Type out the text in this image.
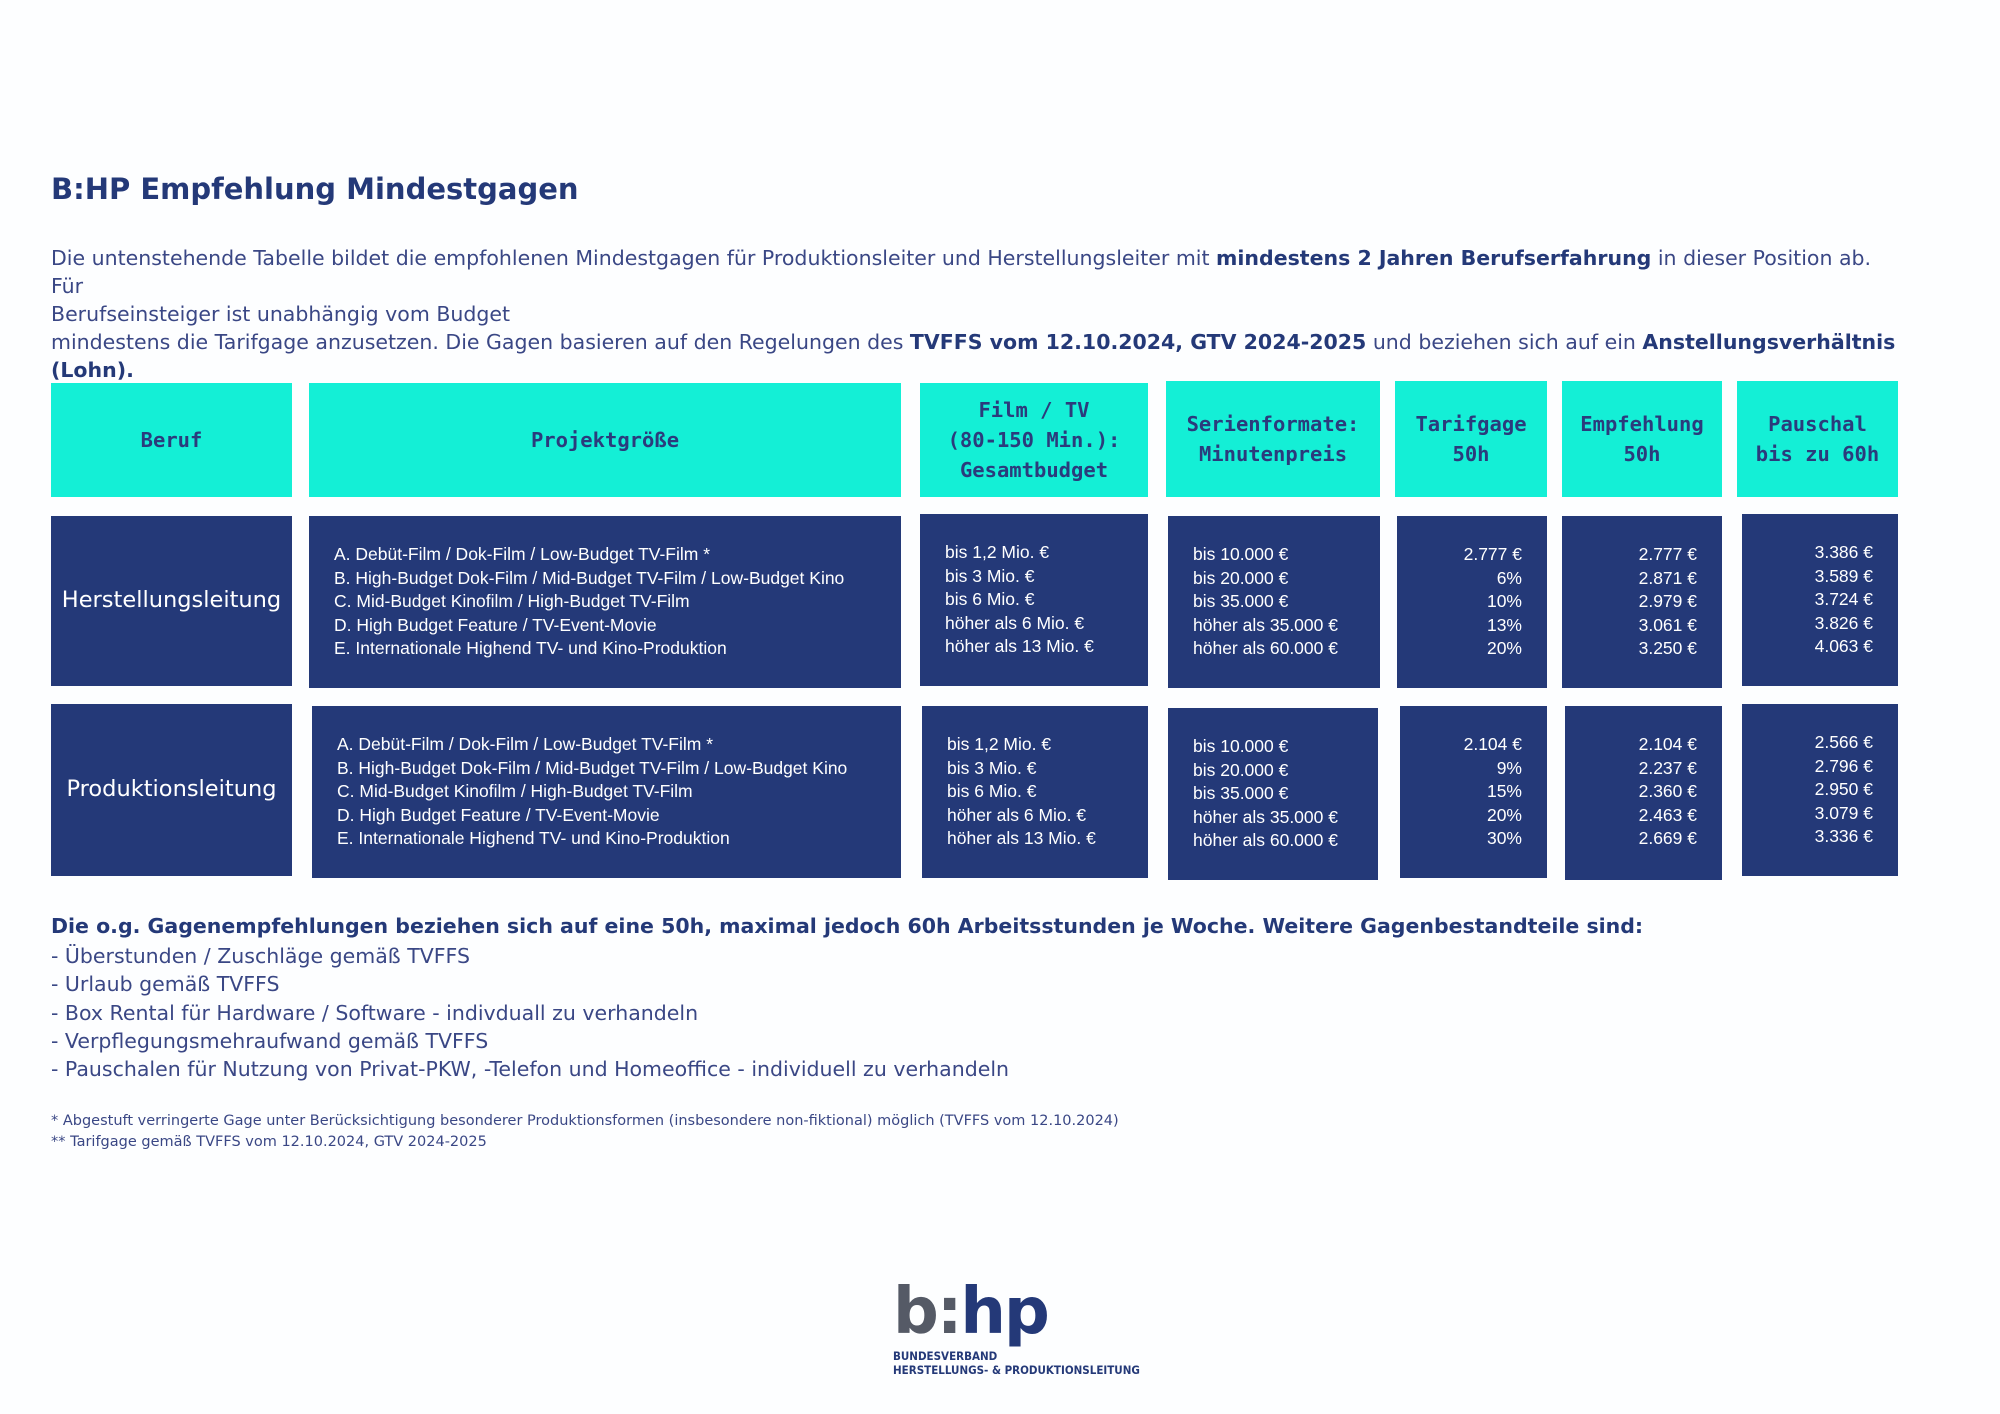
B:HP Empfehlung Mindestgagen
Die untenstehende Tabelle bildet die empfohlenen Mindestgagen für Produktionsleiter und Herstellungsleiter mit mindestens 2 Jahren Berufserfahrung in dieser Position ab. Für
Berufseinsteiger ist unabhängig vom Budget
mindestens die Tarifgage anzusetzen. Die Gagen basieren auf den Regelungen des TVFFS vom 12.10.2024, GTV 2024-2025 und beziehen sich auf ein Anstellungsverhältnis (Lohn).
Beruf	Projektgröße
Film / TV
(80-150 Min.):
Gesamtbudget
Serienformate:
Minutenpreis
Tarifgage
50h
Empfehlung
50h
Pauschal
bis zu 60h
Herstellungsleitung
A. Debüt-Film / Dok-Film / Low-Budget TV-Film *
B. High-Budget Dok-Film / Mid-Budget TV-Film / Low-Budget Kino
C. Mid-Budget Kinofilm / High-Budget TV-Film
D. High Budget Feature / TV-Event-Movie
E. Internationale Highend TV- und Kino-Produktion
bis 1,2 Mio. €
bis 3 Mio. €
bis 6 Mio. €
höher als 6 Mio. €
höher als 13 Mio. €
bis 10.000 €
bis 20.000 €
bis 35.000 €
höher als 35.000 €
höher als 60.000 €
2.777 €
6%
10%
13%
20%
2.777 €
2.871 €
2.979 €
3.061 €
3.250 €
3.386 €
3.589 €
3.724 €
3.826 €
4.063 €
Produktionsleitung
A. Debüt-Film / Dok-Film / Low-Budget TV-Film *
B. High-Budget Dok-Film / Mid-Budget TV-Film / Low-Budget Kino
C. Mid-Budget Kinofilm / High-Budget TV-Film
D. High Budget Feature / TV-Event-Movie
E. Internationale Highend TV- und Kino-Produktion
bis 1,2 Mio. €
bis 3 Mio. €
bis 6 Mio. €
höher als 6 Mio. €
höher als 13 Mio. €
bis 10.000 €
bis 20.000 €
bis 35.000 €
höher als 35.000 €
höher als 60.000 €
2.104 €
9%
15%
20%
30%
2.104 €
2.237 €
2.360 €
2.463 €
2.669 €
2.566 €
2.796 €
2.950 €
3.079 €
3.336 €
Die o.g. Gagenempfehlungen beziehen sich auf eine 50h, maximal jedoch 60h Arbeitsstunden je Woche. Weitere Gagenbestandteile sind:
- Überstunden / Zuschläge gemäß TVFFS
- Urlaub gemäß TVFFS
- Box Rental für Hardware / Software - indivduall zu verhandeln
- Verpflegungsmehraufwand gemäß TVFFS
- Pauschalen für Nutzung von Privat-PKW, -Telefon und Homeoffice - individuell zu verhandeln
* Abgestuft verringerte Gage unter Berücksichtigung besonderer Produktionsformen (insbesondere non-fiktional) möglich (TVFFS vom 12.10.2024)
** Tarifgage gemäß TVFFS vom 12.10.2024, GTV 2024-2025
b:hp
BUNDESVERBAND
HERSTELLUNGS- & PRODUKTIONSLEITUNG
